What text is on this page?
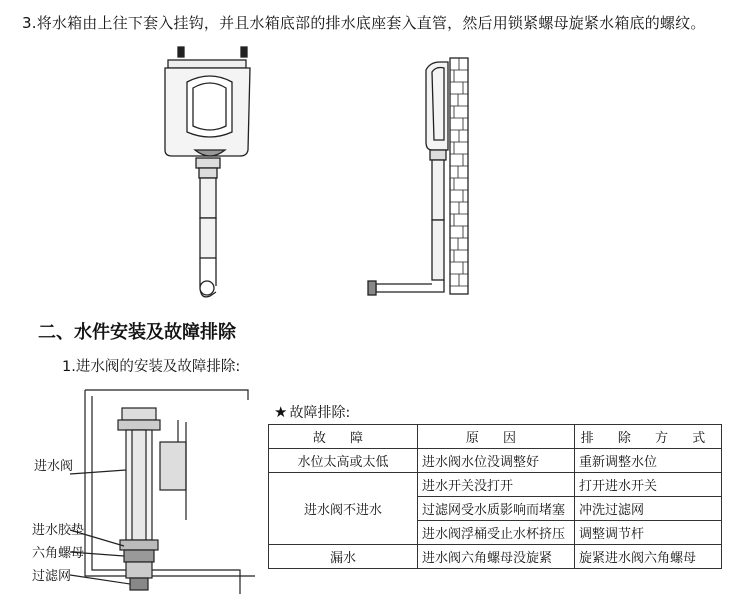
3.将水箱由上往下套入挂钩，并且水箱底部的排水底座套入直管，然后用锁紧螺母旋紧水箱底的螺纹。
二、水件安装及故障排除
1.进水阀的安装及故障排除:
进水阀
进水胶垫
六角螺母
过滤网
★ 故障排除:
故 障	原 因	排 除 方 式
水位太高或太低	进水阀水位没调整好	重新调整水位
进水阀不进水	进水开关没打开	打开进水开关
	过滤网受水质影响而堵塞	冲洗过滤网
	进水阀浮桶受止水杯挤压	调整调节杆
漏水	进水阀六角螺母没旋紧	旋紧进水阀六角螺母
